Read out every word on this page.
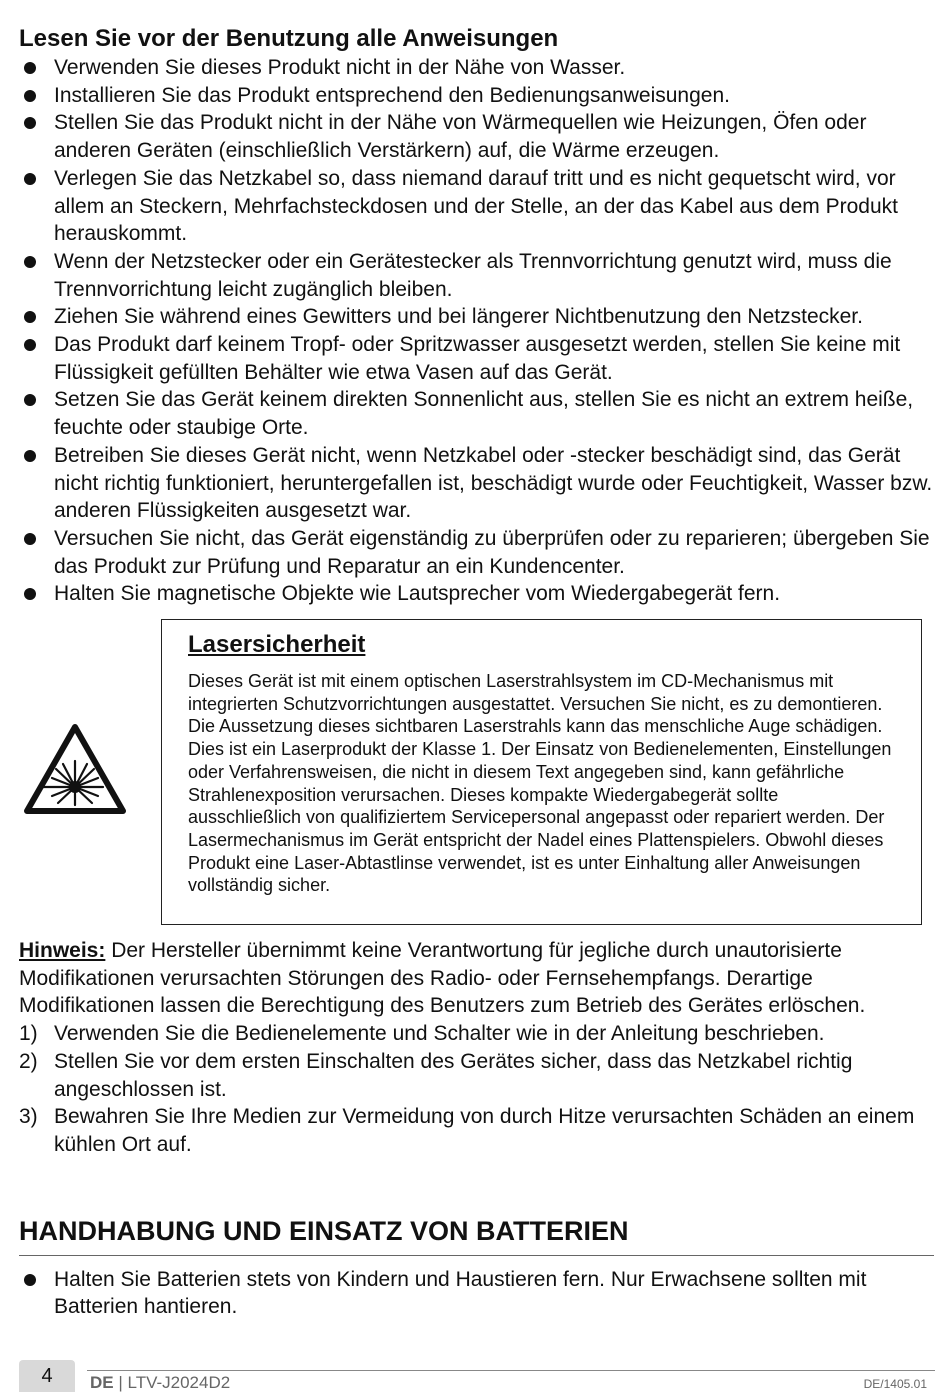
Lesen Sie vor der Benutzung alle Anweisungen
Verwenden Sie dieses Produkt nicht in der Nähe von Wasser.
Installieren Sie das Produkt entsprechend den Bedienungsanweisungen.
Stellen Sie das Produkt nicht in der Nähe von Wärmequellen wie Heizungen, Öfen oder anderen Geräten (einschließlich Verstärkern) auf, die Wärme erzeugen.
Verlegen Sie das Netzkabel so, dass niemand darauf tritt und es nicht gequetscht wird, vor allem an Steckern, Mehrfachsteckdosen und der Stelle, an der das Kabel aus dem Produkt herauskommt.
Wenn der Netzstecker oder ein Gerätestecker als Trennvorrichtung genutzt wird, muss die Trennvorrichtung leicht zugänglich bleiben.
Ziehen Sie während eines Gewitters und bei längerer Nichtbenutzung den Netzstecker.
Das Produkt darf keinem Tropf- oder Spritzwasser ausgesetzt werden, stellen Sie keine mit Flüssigkeit gefüllten Behälter wie etwa Vasen auf das Gerät.
Setzen Sie das Gerät keinem direkten Sonnenlicht aus, stellen Sie es nicht an extrem heiße, feuchte oder staubige Orte.
Betreiben Sie dieses Gerät nicht, wenn Netzkabel oder -stecker beschädigt sind, das Gerät nicht richtig funktioniert, heruntergefallen ist, beschädigt wurde oder Feuchtigkeit, Wasser bzw. anderen Flüssigkeiten ausgesetzt war.
Versuchen Sie nicht, das Gerät eigenständig zu überprüfen oder zu reparieren; übergeben Sie das Produkt zur Prüfung und Reparatur an ein Kundencenter.
Halten Sie magnetische Objekte wie Lautsprecher vom Wiedergabegerät fern.
Lasersicherheit

Dieses Gerät ist mit einem optischen Laserstrahlsystem im CD-Mechanismus mit integrierten Schutzvorrichtungen ausgestattet. Versuchen Sie nicht, es zu demontieren. Die Aussetzung dieses sichtbaren Laserstrahls kann das menschliche Auge schädigen. Dies ist ein Laserprodukt der Klasse 1. Der Einsatz von Bedienelementen, Einstellungen oder Verfahrensweisen, die nicht in diesem Text angegeben sind, kann gefährliche Strahlenexposition verursachen. Dieses kompakte Wiedergabegerät sollte ausschließlich von qualifiziertem Servicepersonal angepasst oder repariert werden. Der Lasermechanismus im Gerät entspricht der Nadel eines Plattenspielers. Obwohl dieses Produkt eine Laser-Abtastlinse verwendet, ist es unter Einhaltung aller Anweisungen vollständig sicher.

Hinweis: Der Hersteller übernimmt keine Verantwortung für jegliche durch unautorisierte Modifikationen verursachten Störungen des Radio- oder Fernsehempfangs. Derartige Modifikationen lassen die Berechtigung des Benutzers zum Betrieb des Gerätes erlöschen.

1) Verwenden Sie die Bedienelemente und Schalter wie in der Anleitung beschrieben.
2) Stellen Sie vor dem ersten Einschalten des Gerätes sicher, dass das Netzkabel richtig angeschlossen ist.
3) Bewahren Sie Ihre Medien zur Vermeidung von durch Hitze verursachten Schäden an einem kühlen Ort auf.
HANDHABUNG UND EINSATZ VON BATTERIEN
Halten Sie Batterien stets von Kindern und Haustieren fern. Nur Erwachsene sollten mit Batterien hantieren.
4	DE | LTV-J2024D2	DE/1405.01
